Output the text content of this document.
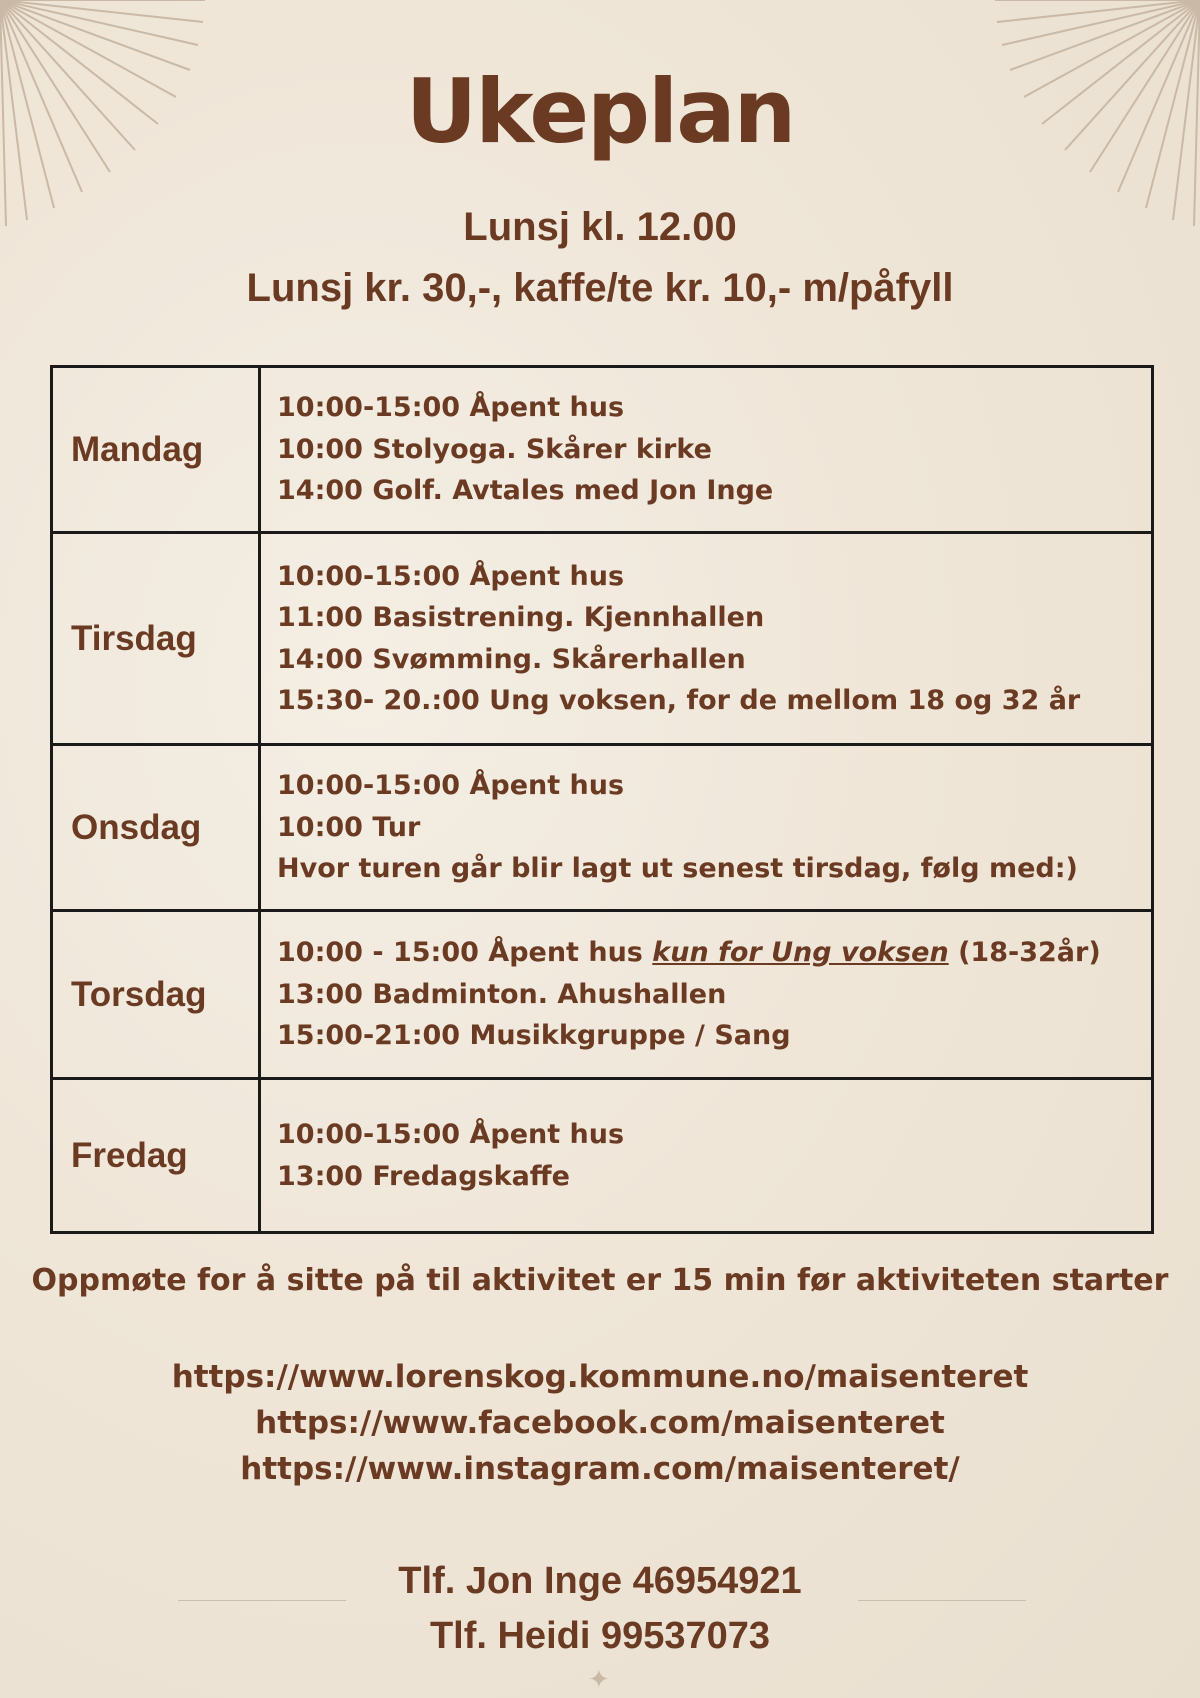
Ukeplan
Lunsj kl. 12.00
Lunsj kr. 30,-, kaffe/te kr. 10,- m/påfyll
Mandag	10:00-15:00 Åpent hus
10:00 Stolyoga. Skårer kirke
14:00 Golf. Avtales med Jon Inge

Tirsdag	10:00-15:00 Åpent hus
11:00 Basistrening. Kjennhallen
14:00 Svømming. Skårerhallen
15:30- 20.:00 Ung voksen, for de mellom 18 og 32 år

Onsdag	10:00-15:00 Åpent hus
10:00 Tur
Hvor turen går blir lagt ut senest tirsdag, følg med:)

Torsdag	10:00 - 15:00 Åpent hus kun for Ung voksen (18-32år)
13:00 Badminton. Ahushallen
15:00-21:00 Musikkgruppe / Sang

Fredag	10:00-15:00 Åpent hus
13:00 Fredagskaffe
Oppmøte for å sitte på til aktivitet er 15 min før aktiviteten starter
https://www.lorenskog.kommune.no/maisenteret
https://www.facebook.com/maisenteret
https://www.instagram.com/maisenteret/
Tlf. Jon Inge 46954921
Tlf. Heidi 99537073
✦
